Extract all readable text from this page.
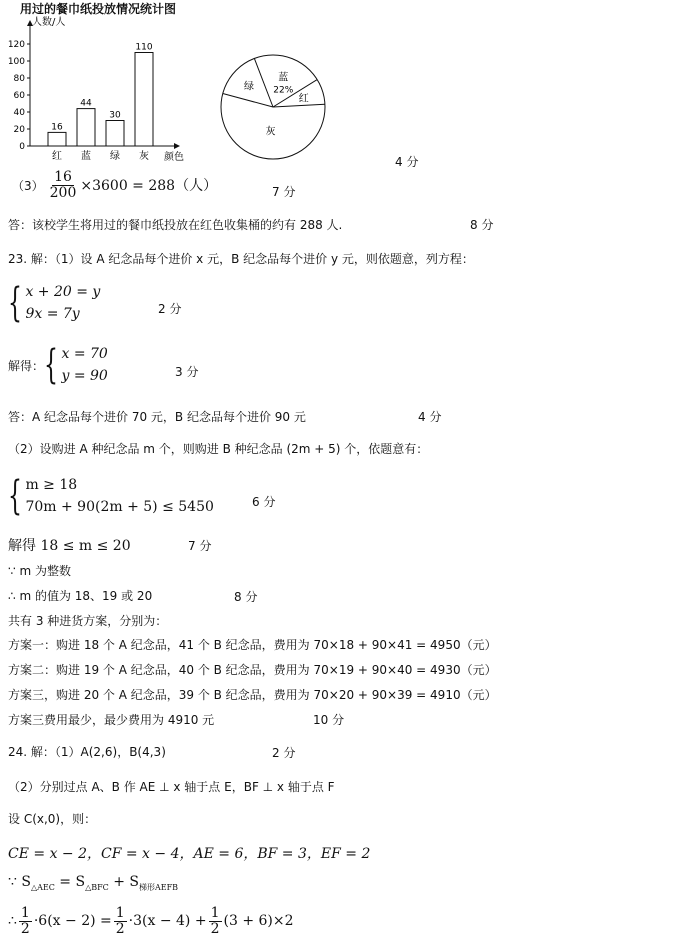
用过的餐巾纸投放情况统计图
人数/人
颜色
0
20
40
60
80
100
120
16
红
44
蓝
30
绿
110
灰
绿
蓝
22%
红
灰
4 分
$(3) \frac{16}{200} \times 3600 = 288$（人）	7 分
答：该校学生将用过的餐巾纸投放在红色收集桶的约有 288 人.	8 分
23. 解：（1）设 A 纪念品每个进价 x 元，B 纪念品每个进价 y 元，则依题意，列方程：
{ x + 20 = y
9x = 7y	2 分
解得： { x = 70
y = 90	3 分
答：A 纪念品每个进价 70 元，B 纪念品每个进价 90 元	4 分
（2）设购进 A 种纪念品 m 个，则购进 B 种纪念品 (2m + 5) 个，依题意有：
{ m ≥ 18
70m + 90(2m + 5) ≤ 5450	6 分
解得 18 ≤ m ≤ 20	7 分
∵ m 为整数
∴ m 的值为 18、19 或 20	8 分
共有 3 种进货方案，分别为：
方案一：购进 18 个 A 纪念品，41 个 B 纪念品，费用为 70×18 + 90×41 = 4950（元）
方案二：购进 19 个 A 纪念品，40 个 B 纪念品，费用为 70×19 + 90×40 = 4930（元）
方案三，购进 20 个 A 纪念品，39 个 B 纪念品，费用为 70×20 + 90×39 = 4910（元）
方案三费用最少，最少费用为 4910 元	10 分
24. 解：（1）A(2,6)，B(4,3)	2 分
（2）分别过点 A、B 作 AE ⊥ x 轴于点 E，BF ⊥ x 轴于点 F
设 C(x,0)，则：
CE = x − 2，CF = x − 4，AE = 6，BF = 3，EF = 2
∵ $S_{\triangle AEC} = S_{\triangle BFC} + S_{梯形AEFB}$
∴ $\frac{1}{2} \cdot 6(x - 2) = \frac{1}{2} \cdot 3(x - 4) + \frac{1}{2} (3 + 6)\times 2$
